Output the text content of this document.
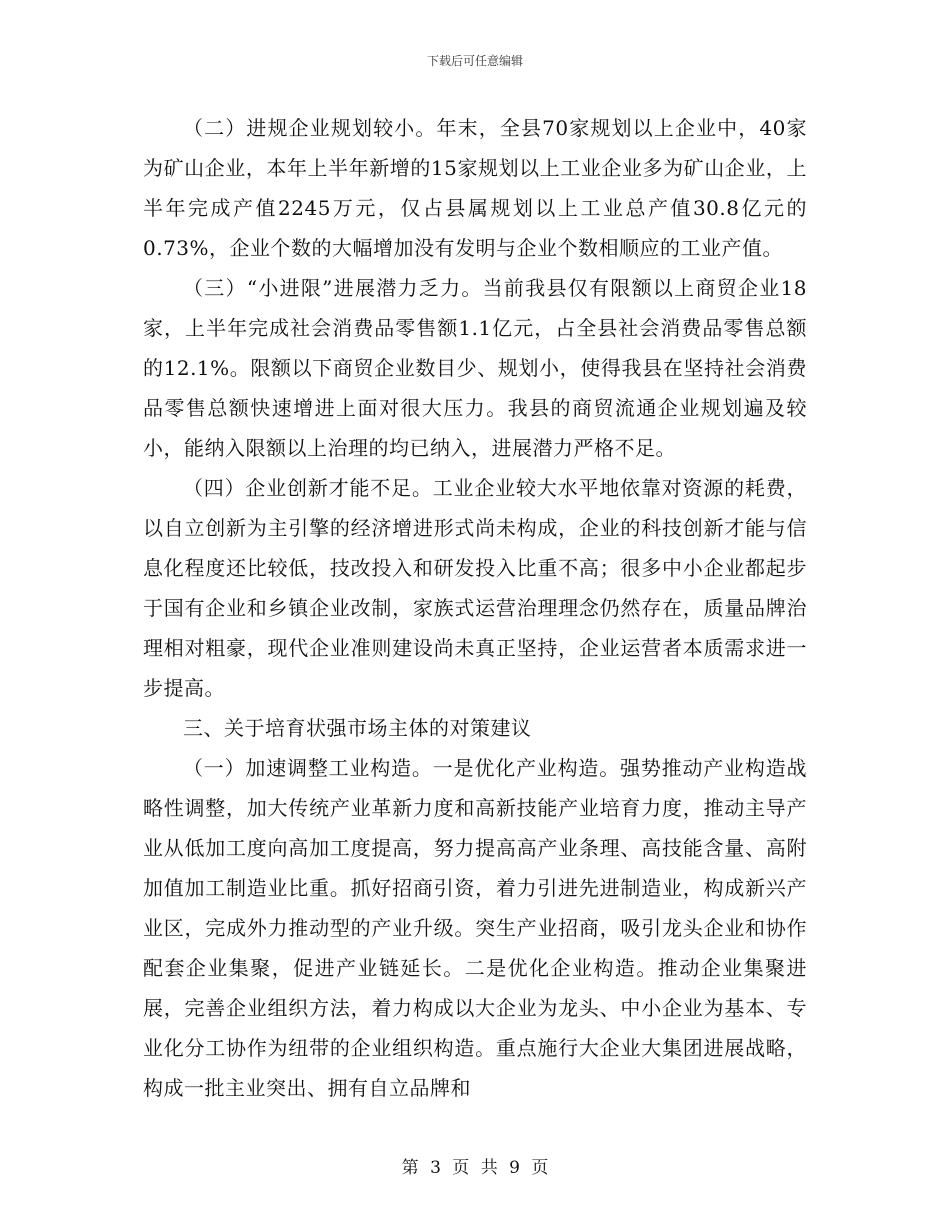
下载后可任意编辑

（二）进规企业规划较小。年末，全县70家规划以上企业中，40家为矿山企业，本年上半年新增的15家规划以上工业企业多为矿山企业，上半年完成产值2245万元，仅占县属规划以上工业总产值30.8亿元的0.73%，企业个数的大幅增加没有发明与企业个数相顺应的工业产值。

（三）“小进限”进展潜力乏力。当前我县仅有限额以上商贸企业18家，上半年完成社会消费品零售额1.1亿元，占全县社会消费品零售总额的12.1%。限额以下商贸企业数目少、规划小，使得我县在坚持社会消费品零售总额快速增进上面对很大压力。我县的商贸流通企业规划遍及较小，能纳入限额以上治理的均已纳入，进展潜力严格不足。

（四）企业创新才能不足。工业企业较大水平地依靠对资源的耗费，以自立创新为主引擎的经济增进形式尚未构成，企业的科技创新才能与信息化程度还比较低，技改投入和研发投入比重不高；很多中小企业都起步于国有企业和乡镇企业改制，家族式运营治理理念仍然存在，质量品牌治理相对粗豪，现代企业准则建设尚未真正坚持，企业运营者本质需求进一步提高。

三、关于培育状强市场主体的对策建议

（一）加速调整工业构造。一是优化产业构造。强势推动产业构造战略性调整，加大传统产业革新力度和高新技能产业培育力度，推动主导产业从低加工度向高加工度提高，努力提高高产业条理、高技能含量、高附加值加工制造业比重。抓好招商引资，着力引进先进制造业，构成新兴产业区，完成外力推动型的产业升级。突生产业招商，吸引龙头企业和协作配套企业集聚，促进产业链延长。二是优化企业构造。推动企业集聚进展，完善企业组织方法，着力构成以大企业为龙头、中小企业为基本、专业化分工协作为纽带的企业组织构造。重点施行大企业大集团进展战略，构成一批主业突出、拥有自立品牌和

第 3 页 共 9 页
